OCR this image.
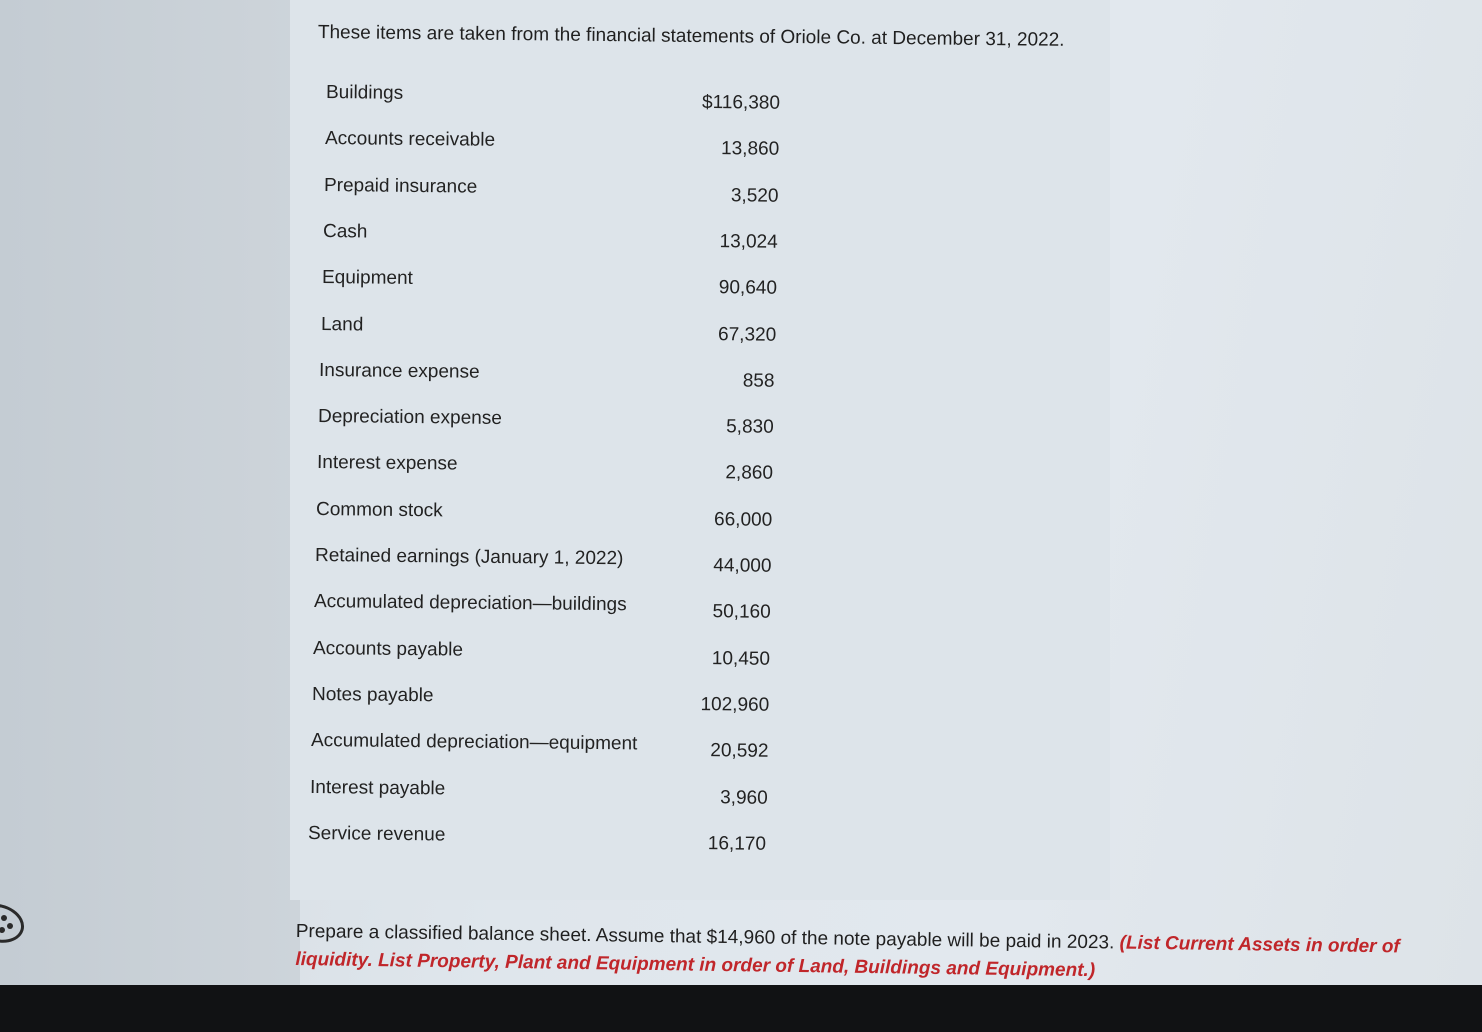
These items are taken from the financial statements of Oriole Co. at December 31, 2022.
Buildings	$116,380
Accounts receivable	13,860
Prepaid insurance	3,520
Cash	13,024
Equipment	90,640
Land	67,320
Insurance expense	858
Depreciation expense	5,830
Interest expense	2,860
Common stock	66,000
Retained earnings (January 1, 2022)	44,000
Accumulated depreciation—buildings	50,160
Accounts payable	10,450
Notes payable	102,960
Accumulated depreciation—equipment	20,592
Interest payable	3,960
Service revenue	16,170
Prepare a classified balance sheet. Assume that $14,960 of the note payable will be paid in 2023. (List Current Assets in order of liquidity. List Property, Plant and Equipment in order of Land, Buildings and Equipment.)
